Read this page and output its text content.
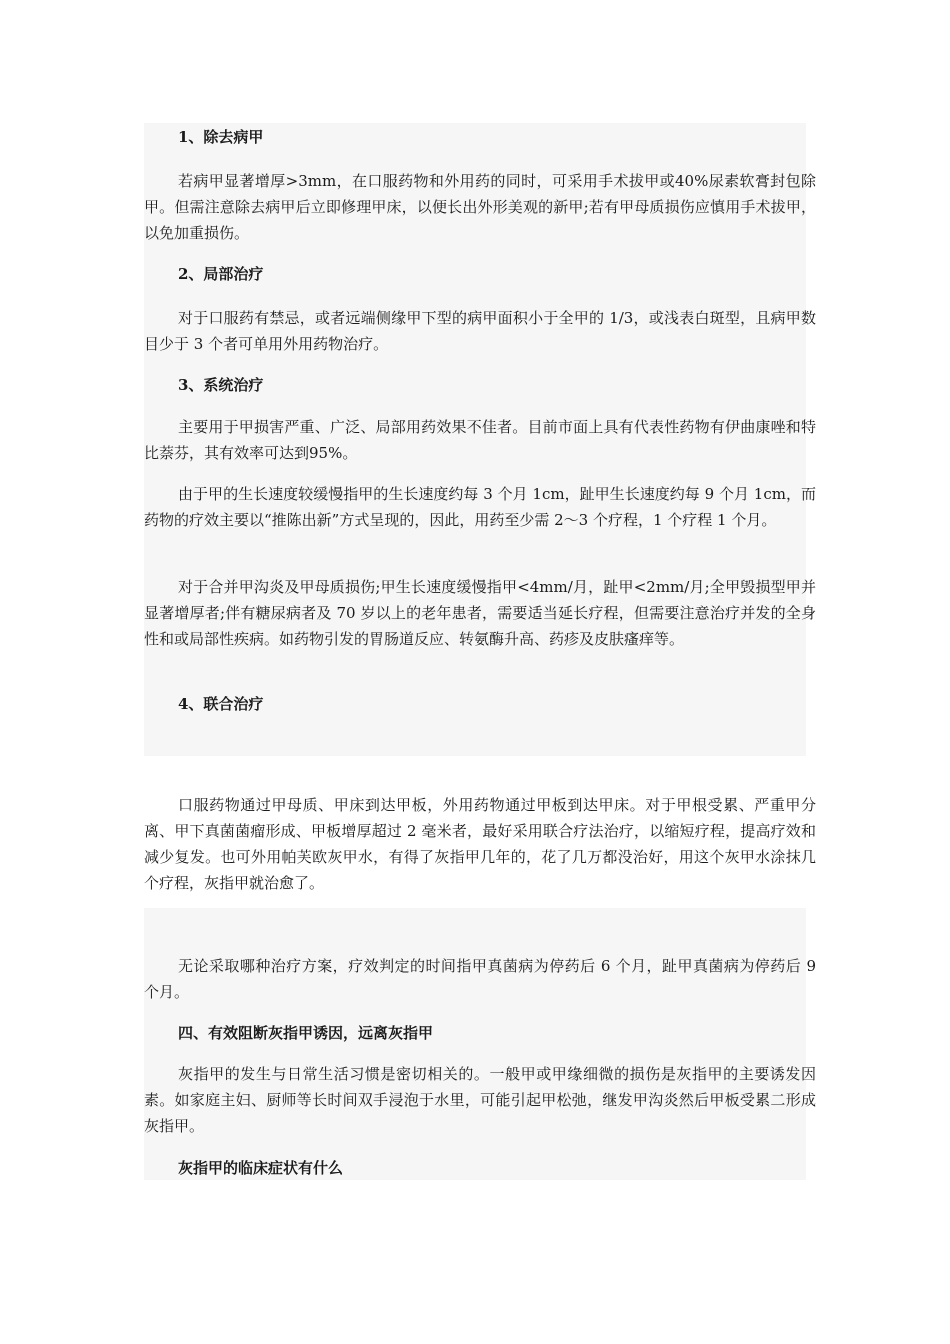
1、除去病甲
若病甲显著增厚>3mm，在口服药物和外用药的同时，可采用手术拔甲或40%尿素软膏封包除甲。但需注意除去病甲后立即修理甲床，以便长出外形美观的新甲;若有甲母质损伤应慎用手术拔甲，以免加重损伤。
2、局部治疗
对于口服药有禁忌，或者远端侧缘甲下型的病甲面积小于全甲的 1/3，或浅表白斑型，且病甲数目少于 3 个者可单用外用药物治疗。
3、系统治疗
主要用于甲损害严重、广泛、局部用药效果不佳者。目前市面上具有代表性药物有伊曲康唑和特比萘芬，其有效率可达到95%。
由于甲的生长速度较缓慢指甲的生长速度约每 3 个月 1cm，趾甲生长速度约每 9 个月 1cm，而药物的疗效主要以“推陈出新”方式呈现的，因此，用药至少需 2～3 个疗程，1 个疗程 1 个月。
对于合并甲沟炎及甲母质损伤;甲生长速度缓慢指甲<4mm/月，趾甲<2mm/月;全甲毁损型甲并显著增厚者;伴有糖尿病者及 70 岁以上的老年患者，需要适当延长疗程，但需要注意治疗并发的全身性和或局部性疾病。如药物引发的胃肠道反应、转氨酶升高、药疹及皮肤瘙痒等。
4、联合治疗
口服药物通过甲母质、甲床到达甲板，外用药物通过甲板到达甲床。对于甲根受累、严重甲分离、甲下真菌菌瘤形成、甲板增厚超过 2 毫米者，最好采用联合疗法治疗，以缩短疗程，提高疗效和减少复发。也可外用帕芙欧灰甲水，有得了灰指甲几年的，花了几万都没治好，用这个灰甲水涂抹几个疗程，灰指甲就治愈了。
无论采取哪种治疗方案，疗效判定的时间指甲真菌病为停药后 6 个月，趾甲真菌病为停药后 9 个月。
四、有效阻断灰指甲诱因，远离灰指甲
灰指甲的发生与日常生活习惯是密切相关的。一般甲或甲缘细微的损伤是灰指甲的主要诱发因素。如家庭主妇、厨师等长时间双手浸泡于水里，可能引起甲松弛，继发甲沟炎然后甲板受累二形成灰指甲。
灰指甲的临床症状有什么
